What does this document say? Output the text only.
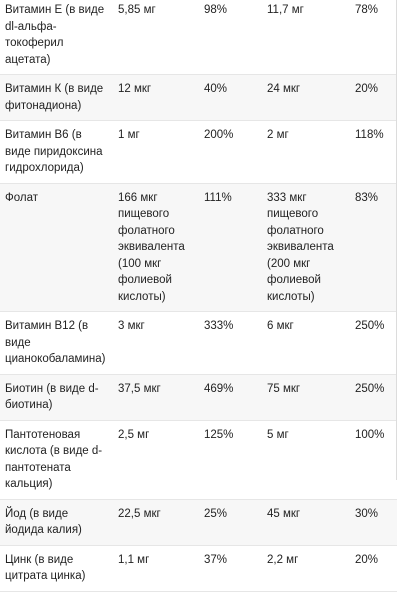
Витамин Е (в виде dl-альфа-токоферил ацетата)	5,85 мг	98%	11,7 мг	78%
Витамин К (в виде фитонадиона)	12 мкг	40%	24 мкг	20%
Витамин В6 (в виде пиридоксина гидрохлорида)	1 мг	200%	2 мг	118%
Фолат	166 мкг пищевого фолатного эквивалента (100 мкг фолиевой кислоты)	111%	333 мкг пищевого фолатного эквивалента (200 мкг фолиевой кислоты)	83%
Витамин В12 (в виде цианокобаламина)	3 мкг	333%	6 мкг	250%
Биотин (в виде d-биотина)	37,5 мкг	469%	75 мкг	250%
Пантотеновая кислота (в виде d-пантотената кальция)	2,5 мг	125%	5 мг	100%
Йод (в виде йодида калия)	22,5 мкг	25%	45 мкг	30%
Цинк (в виде цитрата цинка)	1,1 мг	37%	2,2 мг	20%
